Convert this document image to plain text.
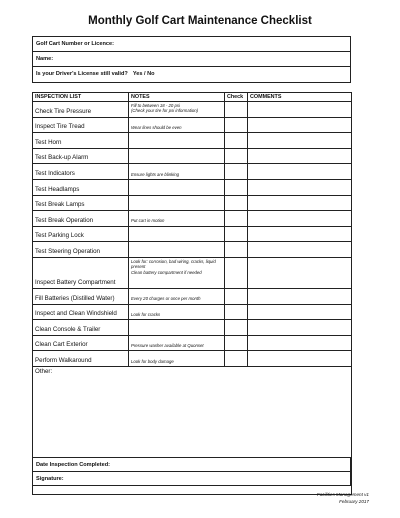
Monthly Golf Cart Maintenance Checklist
Golf Cart Number or Licence:
Name:
Is your Driver's License still valid? Yes / No
INSPECTION LIST	NOTES	Check	COMMENTS
Check Tire Pressure	Fill to between 18 - 20 psi
(Check your tire for psi information)		
Inspect Tire Tread	Wear lines should be even		
Test Horn			
Test Back-up Alarm			
Test Indicators	Ensure lights are blinking		
Test Headlamps			
Test Break Lamps			
Test Break Operation	Put cart in motion		
Test Parking Lock			
Test Steering Operation			
Inspect Battery Compartment	Look for: corrosion, bad wiring, cracks, liquid present
Clean battery compartment if needed		
Fill Batteries (Distilled Water)	Every 20 charges or once per month		
Inspect and Clean Windshield	Look for cracks		
Clean Console & Trailer			
Clean Cart Exterior	Pressure washer available at Quonset		
Perform Walkaround	Look for body damage		
Other:			
Date Inspection Completed:
Signature:
Facilities Management v1
February 2017
